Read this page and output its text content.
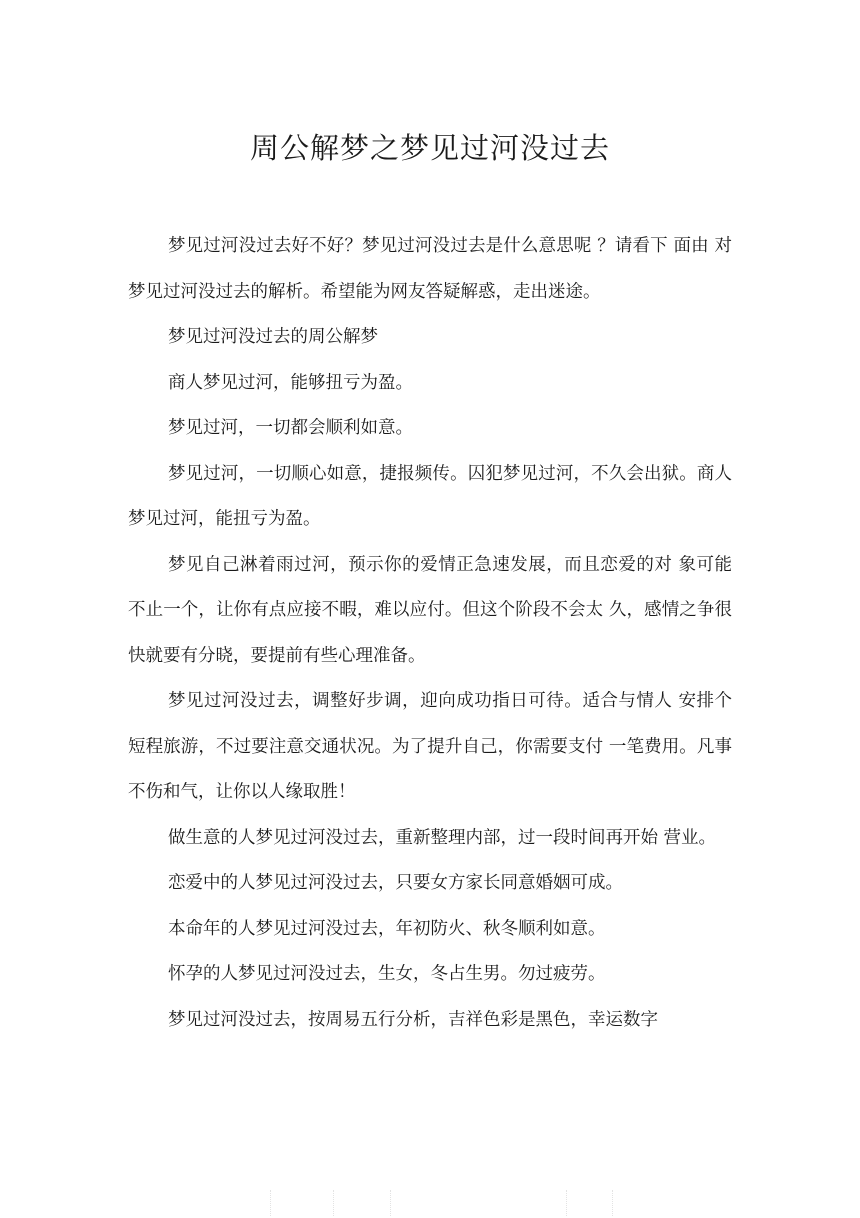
周公解梦之梦见过河没过去

梦见过河没过去好不好？梦见过河没过去是什么意思呢 ？请看下 面由 对梦见过河没过去的解析。希望能为网友答疑解惑，走出迷途。

梦见过河没过去的周公解梦

商人梦见过河，能够扭亏为盈。

梦见过河，一切都会顺利如意。

梦见过河，一切顺心如意，捷报频传。囚犯梦见过河，不久会出狱。商人梦见过河，能扭亏为盈。

梦见自己淋着雨过河，预示你的爱情正急速发展，而且恋爱的对 象可能不止一个，让你有点应接不暇，难以应付。但这个阶段不会太 久，感情之争很快就要有分晓，要提前有些心理准备。

梦见过河没过去，调整好步调，迎向成功指日可待。适合与情人 安排个短程旅游，不过要注意交通状况。为了提升自己，你需要支付 一笔费用。凡事不伤和气，让你以人缘取胜！

做生意的人梦见过河没过去，重新整理内部，过一段时间再开始 营业。

恋爱中的人梦见过河没过去，只要女方家长同意婚姻可成。

本命年的人梦见过河没过去，年初防火、秋冬顺利如意。

怀孕的人梦见过河没过去，生女，冬占生男。勿过疲劳。

梦见过河没过去，按周易五行分析，吉祥色彩是黑色，幸运数字
